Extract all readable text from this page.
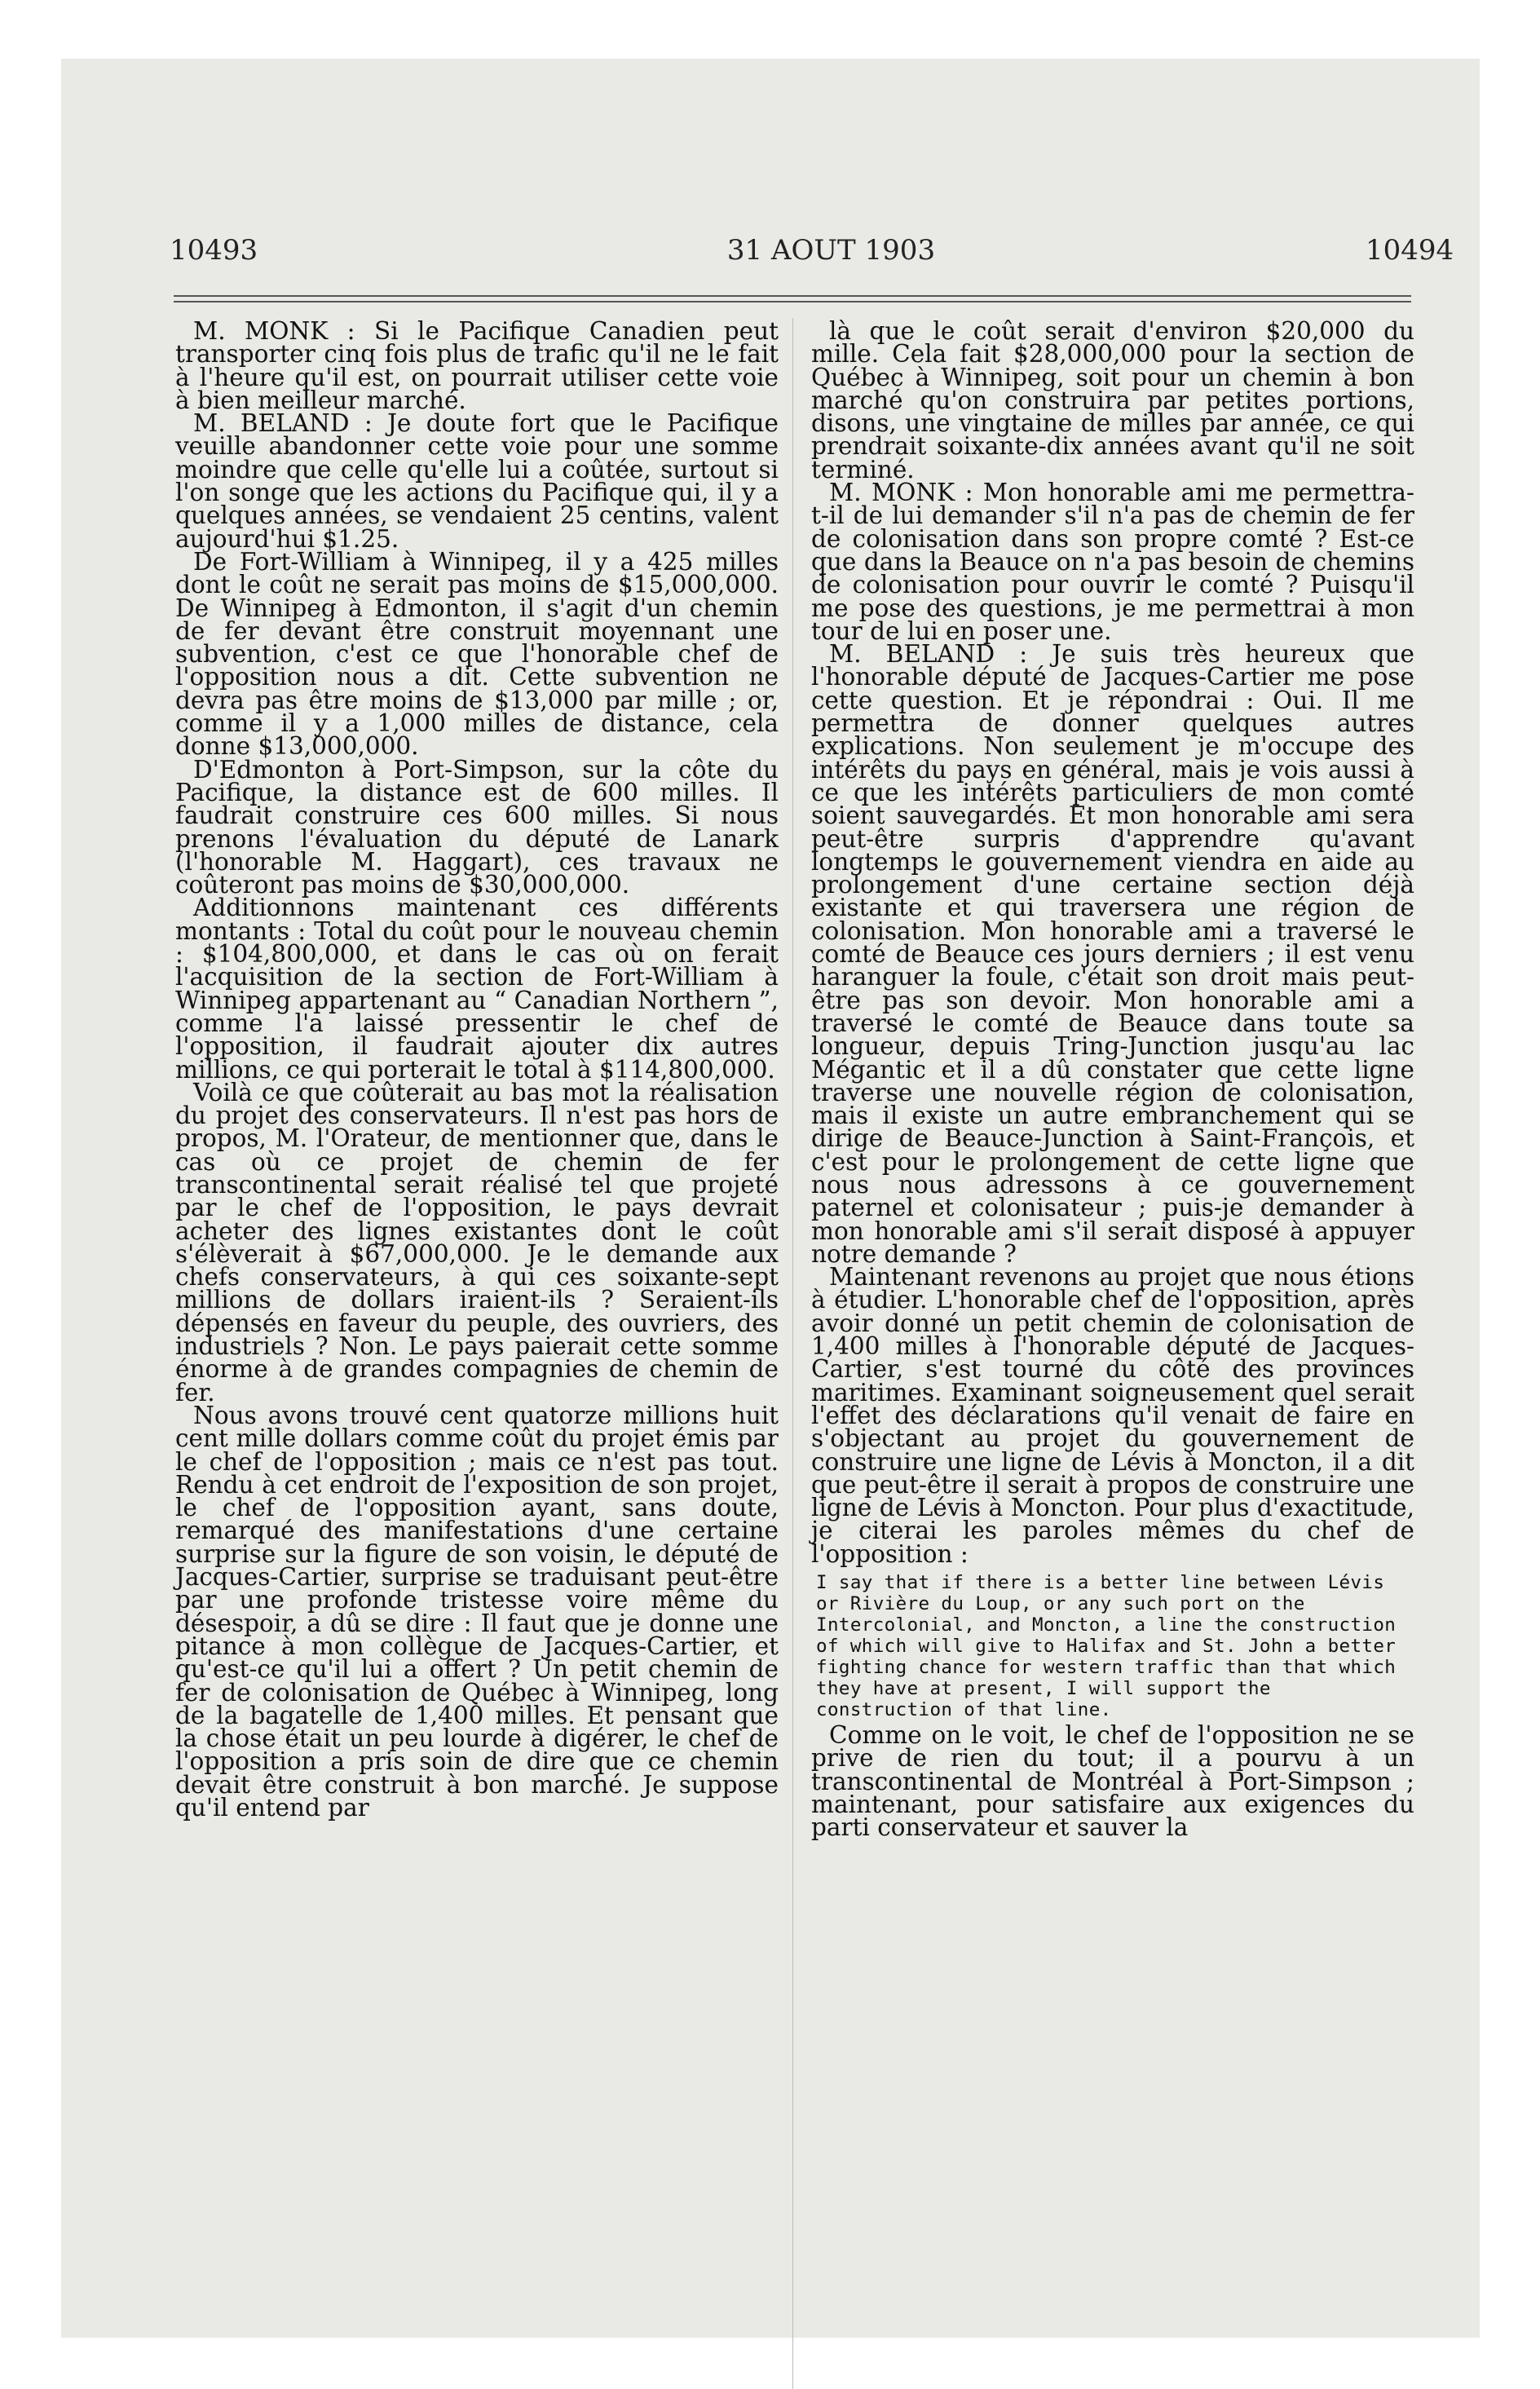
10493	31 AOUT 1903	10494

M. MONK : Si le Pacifique Canadien peut transporter cinq fois plus de trafic qu'il ne le fait à l'heure qu'il est, on pourrait utiliser cette voie à bien meilleur marché.

M. BELAND : Je doute fort que le Pacifique veuille abandonner cette voie pour une somme moindre que celle qu'elle lui a coûtée, surtout si l'on songe que les actions du Pacifique qui, il y a quelques années, se vendaient 25 centins, valent aujourd'hui $1.25.

De Fort-William à Winnipeg, il y a 425 milles dont le coût ne serait pas moins de $15,000,000. De Winnipeg à Edmonton, il s'agit d'un chemin de fer devant être construit moyennant une subvention, c'est ce que l'honorable chef de l'opposition nous a dit. Cette subvention ne devra pas être moins de $13,000 par mille ; or, comme il y a 1,000 milles de distance, cela donne $13,000,000.

D'Edmonton à Port-Simpson, sur la côte du Pacifique, la distance est de 600 milles. Il faudrait construire ces 600 milles. Si nous prenons l'évaluation du député de Lanark (l'honorable M. Haggart), ces travaux ne coûteront pas moins de $30,000,000.

Additionnons maintenant ces différents montants : Total du coût pour le nouveau chemin : $104,800,000, et dans le cas où on ferait l'acquisition de la section de Fort-William à Winnipeg appartenant au “ Canadian Northern ”, comme l'a laissé pressentir le chef de l'opposition, il faudrait ajouter dix autres millions, ce qui porterait le total à $114,800,000.

Voilà ce que coûterait au bas mot la réalisation du projet des conservateurs. Il n'est pas hors de propos, M. l'Orateur, de mentionner que, dans le cas où ce projet de chemin de fer transcontinental serait réalisé tel que projeté par le chef de l'opposition, le pays devrait acheter des lignes existantes dont le coût s'élèverait à $67,000,000. Je le demande aux chefs conservateurs, à qui ces soixante-sept millions de dollars iraient-ils ? Seraient-ils dépensés en faveur du peuple, des ouvriers, des industriels ? Non. Le pays paierait cette somme énorme à de grandes compagnies de chemin de fer.

Nous avons trouvé cent quatorze millions huit cent mille dollars comme coût du projet émis par le chef de l'opposition ; mais ce n'est pas tout. Rendu à cet endroit de l'exposition de son projet, le chef de l'opposition ayant, sans doute, remarqué des manifestations d'une certaine surprise sur la figure de son voisin, le député de Jacques-Cartier, surprise se traduisant peut-être par une profonde tristesse voire même du désespoir, a dû se dire : Il faut que je donne une pitance à mon collègue de Jacques-Cartier, et qu'est-ce qu'il lui a offert ? Un petit chemin de fer de colonisation de Québec à Winnipeg, long de la bagatelle de 1,400 milles. Et pensant que la chose était un peu lourde à digérer, le chef de l'opposition a pris soin de dire que ce chemin devait être construit à bon marché. Je suppose qu'il entend par

là que le coût serait d'environ $20,000 du mille. Cela fait $28,000,000 pour la section de Québec à Winnipeg, soit pour un chemin à bon marché qu'on construira par petites portions, disons, une vingtaine de milles par année, ce qui prendrait soixante-dix années avant qu'il ne soit terminé.

M. MONK : Mon honorable ami me permettra-t-il de lui demander s'il n'a pas de chemin de fer de colonisation dans son propre comté ? Est-ce que dans la Beauce on n'a pas besoin de chemins de colonisation pour ouvrir le comté ? Puisqu'il me pose des questions, je me permettrai à mon tour de lui en poser une.

M. BELAND : Je suis très heureux que l'honorable député de Jacques-Cartier me pose cette question. Et je répondrai : Oui. Il me permettra de donner quelques autres explications. Non seulement je m'occupe des intérêts du pays en général, mais je vois aussi à ce que les intérêts particuliers de mon comté soient sauvegardés. Et mon honorable ami sera peut-être surpris d'apprendre qu'avant longtemps le gouvernement viendra en aide au prolongement d'une certaine section déjà existante et qui traversera une région de colonisation. Mon honorable ami a traversé le comté de Beauce ces jours derniers ; il est venu haranguer la foule, c'était son droit mais peut-être pas son devoir. Mon honorable ami a traversé le comté de Beauce dans toute sa longueur, depuis Tring-Junction jusqu'au lac Mégantic et il a dû constater que cette ligne traverse une nouvelle région de colonisation, mais il existe un autre embranchement qui se dirige de Beauce-Junction à Saint-François, et c'est pour le prolongement de cette ligne que nous nous adressons à ce gouvernement paternel et colonisateur ; puis-je demander à mon honorable ami s'il serait disposé à appuyer notre demande ?

Maintenant revenons au projet que nous étions à étudier. L'honorable chef de l'opposition, après avoir donné un petit chemin de colonisation de 1,400 milles à l'honorable député de Jacques-Cartier, s'est tourné du côté des provinces maritimes. Examinant soigneusement quel serait l'effet des déclarations qu'il venait de faire en s'objectant au projet du gouvernement de construire une ligne de Lévis à Moncton, il a dit que peut-être il serait à propos de construire une ligne de Lévis à Moncton. Pour plus d'exactitude, je citerai les paroles mêmes du chef de l'opposition :

I say that if there is a better line between Lévis or Rivière du Loup, or any such port on the Intercolonial, and Moncton, a line the construction of which will give to Halifax and St. John a better fighting chance for western traffic than that which they have at present, I will support the construction of that line.

Comme on le voit, le chef de l'opposition ne se prive de rien du tout; il a pourvu à un transcontinental de Montréal à Port-Simpson ; maintenant, pour satisfaire aux exigences du parti conservateur et sauver la
